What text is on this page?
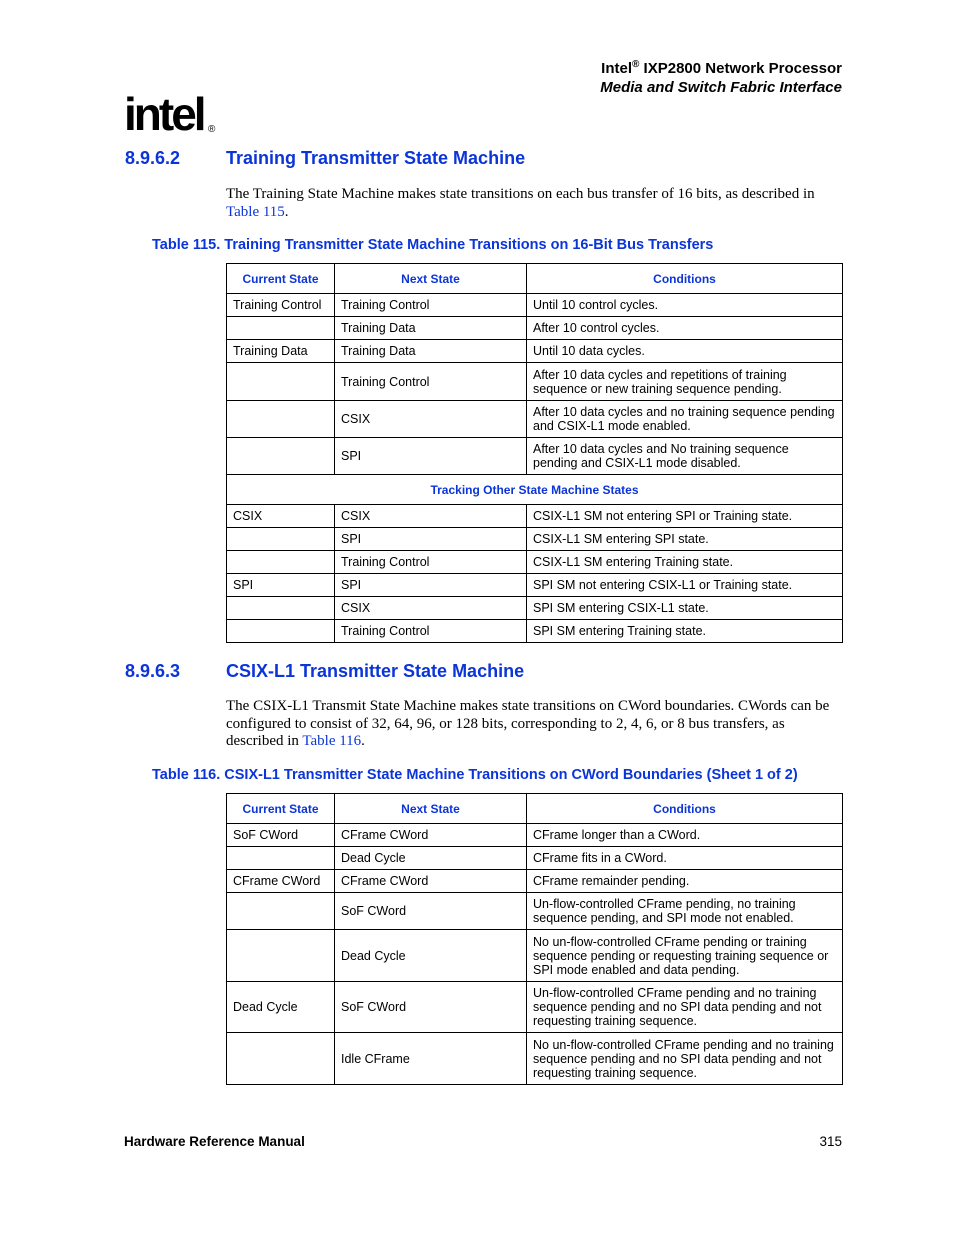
Intel® IXP2800 Network Processor
Media and Switch Fabric Interface
intel ®
8.9.6.2	Training Transmitter State Machine
The Training State Machine makes state transitions on each bus transfer of 16 bits, as described in Table 115.
Table 115. Training Transmitter State Machine Transitions on 16-Bit Bus Transfers
Current State	Next State	Conditions
Training Control	Training Control	Until 10 control cycles.
	Training Data	After 10 control cycles.
Training Data	Training Data	Until 10 data cycles.
	Training Control	After 10 data cycles and repetitions of training sequence or new training sequence pending.
	CSIX	After 10 data cycles and no training sequence pending and CSIX-L1 mode enabled.
	SPI	After 10 data cycles and No training sequence pending and CSIX-L1 mode disabled.
Tracking Other State Machine States		
CSIX	CSIX	CSIX-L1 SM not entering SPI or Training state.
	SPI	CSIX-L1 SM entering SPI state.
	Training Control	CSIX-L1 SM entering Training state.
SPI	SPI	SPI SM not entering CSIX-L1 or Training state.
	CSIX	SPI SM entering CSIX-L1 state.
	Training Control	SPI SM entering Training state.
8.9.6.3	CSIX-L1 Transmitter State Machine
The CSIX-L1 Transmit State Machine makes state transitions on CWord boundaries. CWords can be configured to consist of 32, 64, 96, or 128 bits, corresponding to 2, 4, 6, or 8 bus transfers, as described in Table 116.
Table 116. CSIX-L1 Transmitter State Machine Transitions on CWord Boundaries (Sheet 1 of 2)
Current State	Next State	Conditions
SoF CWord	CFrame CWord	CFrame longer than a CWord.
	Dead Cycle	CFrame fits in a CWord.
CFrame CWord	CFrame CWord	CFrame remainder pending.
	SoF CWord	Un-flow-controlled CFrame pending, no training sequence pending, and SPI mode not enabled.
	Dead Cycle	No un-flow-controlled CFrame pending or training sequence pending or requesting training sequence or SPI mode enabled and data pending.
Dead Cycle	SoF CWord	Un-flow-controlled CFrame pending and no training sequence pending and no SPI data pending and not requesting training sequence.
	Idle CFrame	No un-flow-controlled CFrame pending and no training sequence pending and no SPI data pending and not requesting training sequence.
Hardware Reference Manual	315
